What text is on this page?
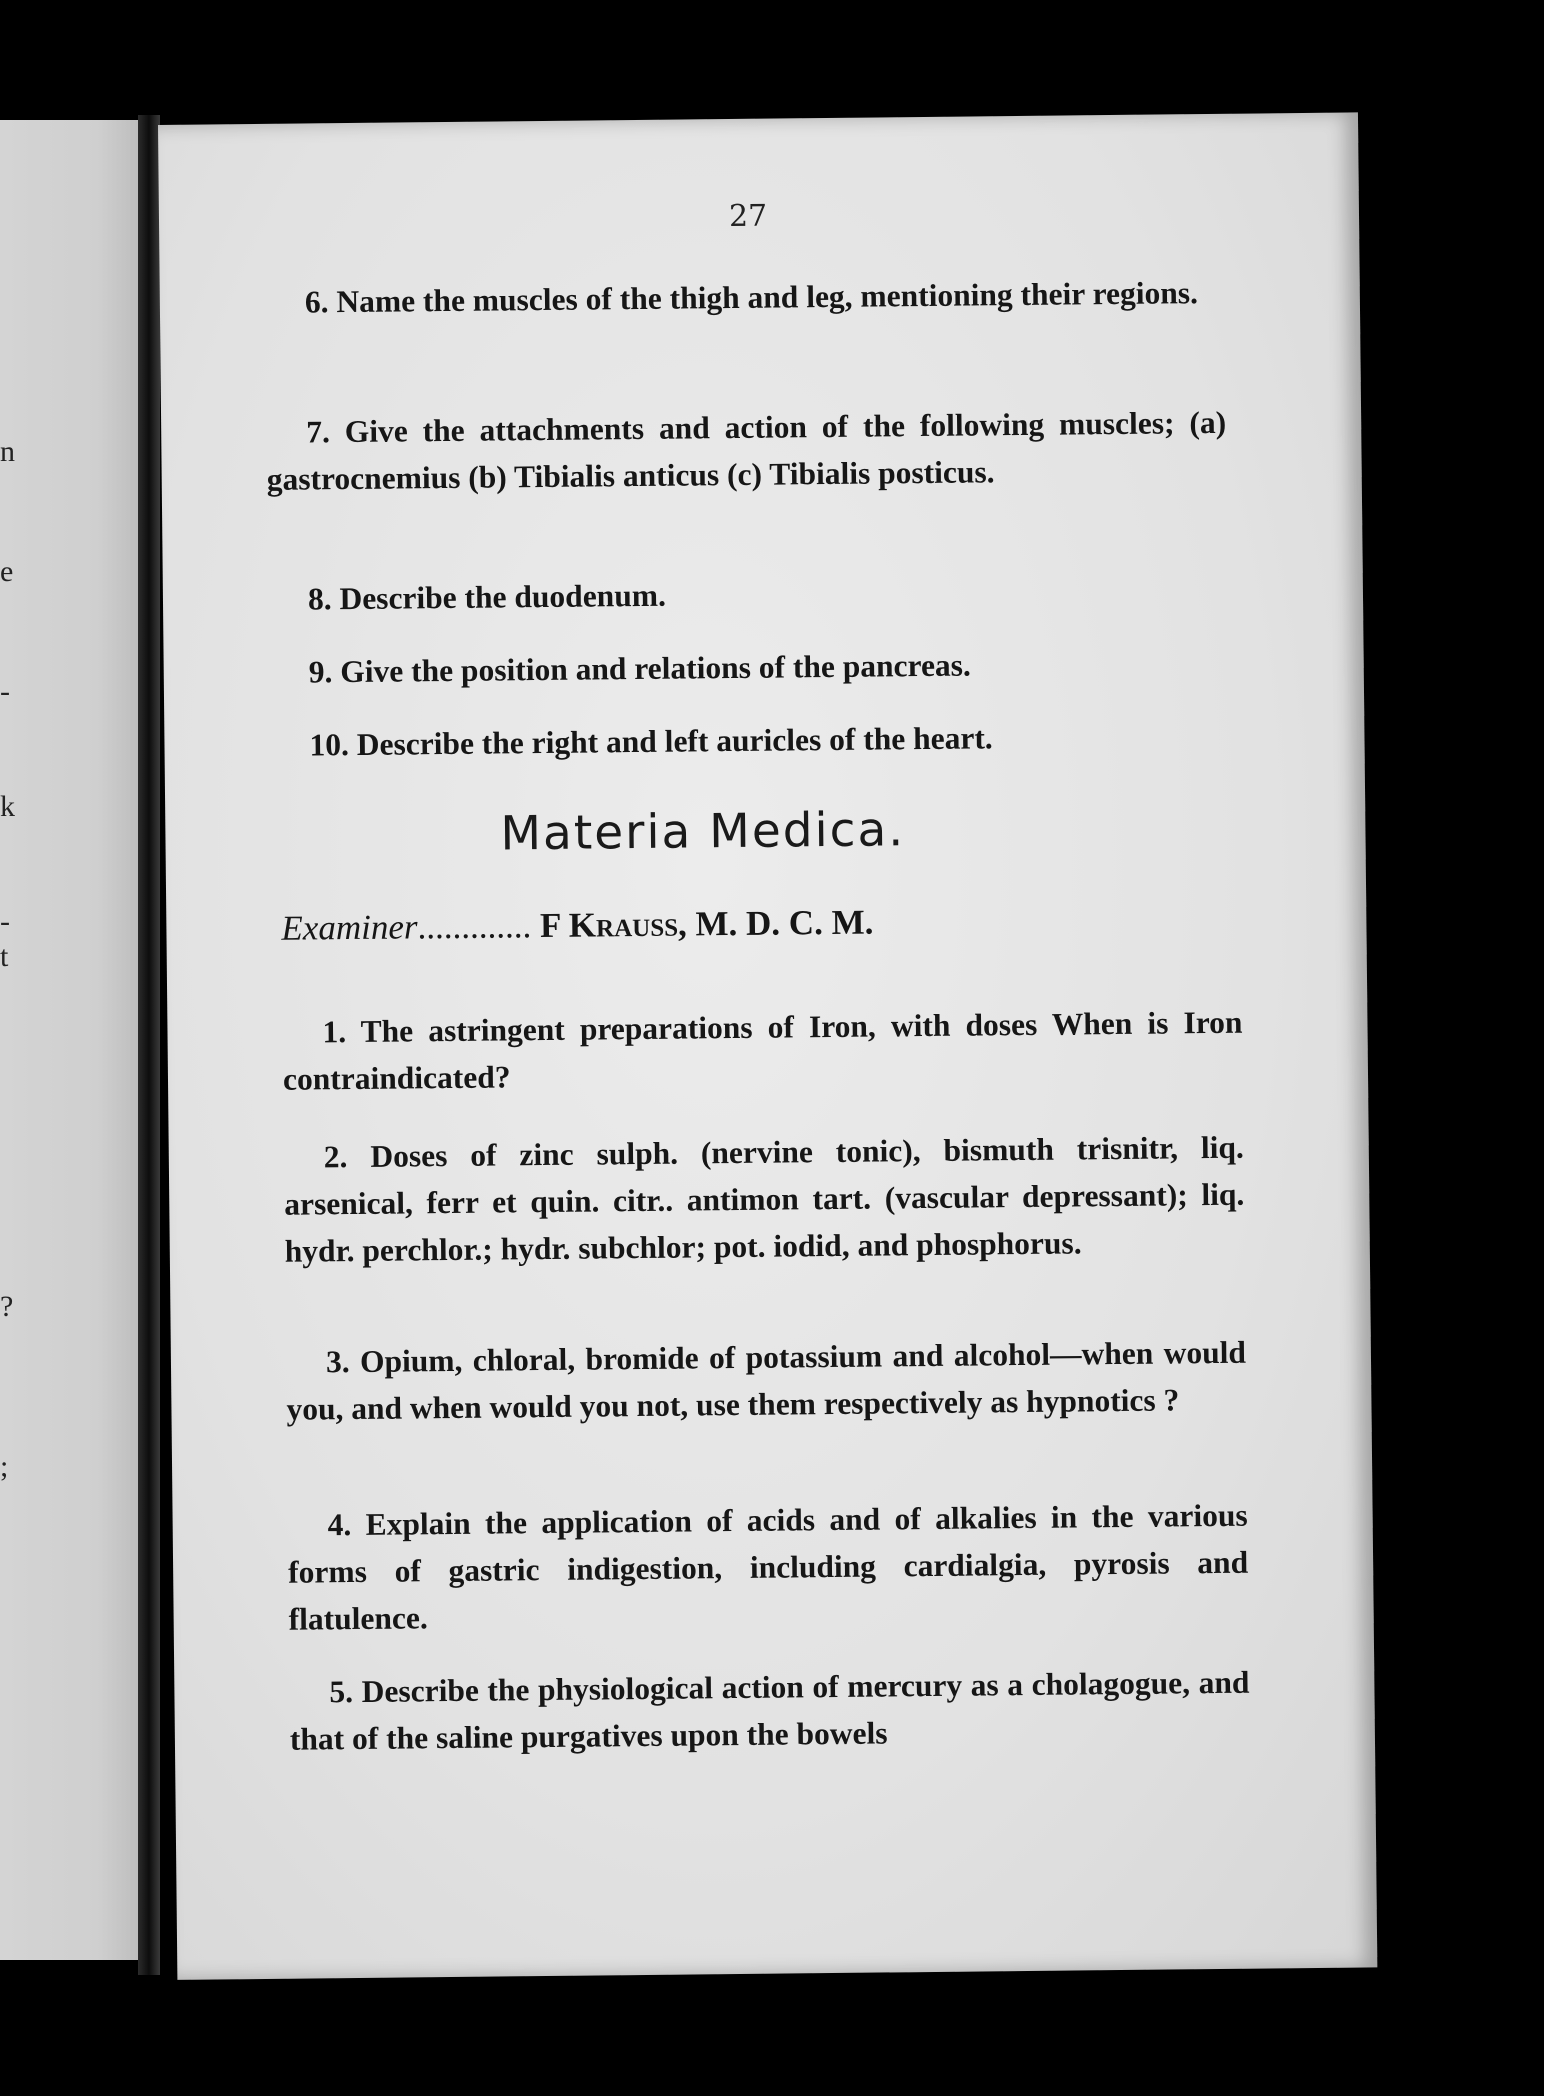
n
e
-
k
-
t
?
;
27
6. Name the muscles of the thigh and leg, mentioning their regions.
7. Give the attachments and action of the following muscles; (a) gastrocnemius (b) Tibialis anticus (c) Tibialis posticus.
8. Describe the duodenum.
9. Give the position and relations of the pancreas.
10. Describe the right and left auricles of the heart.
Materia Medica.
Examiner............. F Krauss, M. D. C. M.
1. The astringent preparations of Iron, with doses When is Iron contraindicated?
2. Doses of zinc sulph. (nervine tonic), bismuth trisnitr, liq. arsenical, ferr et quin. citr.. antimon tart. (vascular depressant); liq. hydr. perchlor.; hydr. subchlor; pot. iodid, and phosphorus.
3. Opium, chloral, bromide of potassium and alcohol—when would you, and when would you not, use them respectively as hypnotics ?
4. Explain the application of acids and of alkalies in the various forms of gastric indigestion, including cardialgia, pyrosis and flatulence.
5. Describe the physiological action of mercury as a cholagogue, and that of the saline purgatives upon the bowels
